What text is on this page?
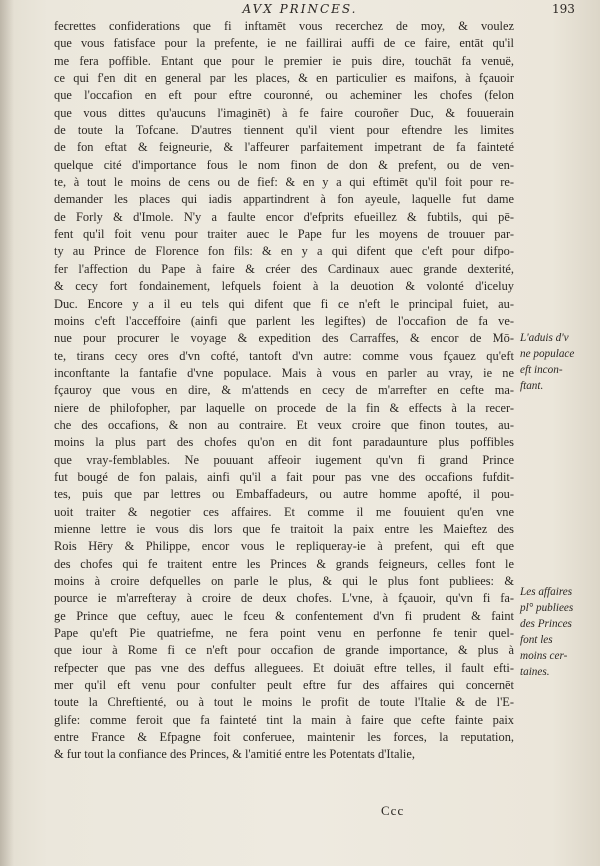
AVX PRINCES.	193
fecrettes confiderations que fi inftamēt vous recerchez de moy, & voulez
que vous fatisface pour la prefente, ie ne faillirai auffi de ce faire, entāt qu'il
me fera poffible. Entant que pour le premier ie puis dire, touchāt fa venuë,
ce qui f'en dit en general par les places, & en particulier es maifons, à fçauoir
que l'occafion en eft pour eftre couronné, ou acheminer les chofes (felon
que vous dittes qu'aucuns l'imaginēt) à fe faire couroñer Duc, & fouuerain
de toute la Tofcane. D'autres tiennent qu'il vient pour eftendre les limites
de fon eftat & feigneurie, & l'affeurer parfaitement impetrant de fa fainteté
quelque cité d'importance fous le nom finon de don & prefent, ou de ven-
te, à tout le moins de cens ou de fief: & en y a qui eftimēt qu'il foit pour re-
demander les places qui iadis appartindrent à fon ayeule, laquelle fut dame
de Forly & d'Imole. N'y a faulte encor d'efprits efueillez & fubtils, qui pē-
fent qu'il foit venu pour traiter auec le Pape fur les moyens de trouuer par-
ty au Prince de Florence fon fils: & en y a qui difent que c'eft pour difpo-
fer l'affection du Pape à faire & créer des Cardinaux auec grande dexterité,
& cecy fort fondainement, lefquels foient à la deuotion & volonté d'iceluy
Duc. Encore y a il eu tels qui difent que fi ce n'eft le principal fuiet, au-
moins c'eft l'acceffoire (ainfi que parlent les legiftes) de l'occafion de fa ve-
nue pour procurer le voyage & expedition des Carraffes, & encor de Mō-
te, tirans cecy ores d'vn cofté, tantoft d'vn autre: comme vous fçauez qu'eft
inconftante la fantafie d'vne populace. Mais à vous en parler au vray, ie ne
fçauroy que vous en dire, & m'attends en cecy de m'arrefter en cefte ma-
niere de philofopher, par laquelle on procede de la fin & effects à la recer-
che des occafions, & non au contraire. Et veux croire que finon toutes, au-
moins la plus part des chofes qu'on en dit font paradaunture plus poffibles
que vray-femblables. Ne pouuant affeoir iugement qu'vn fi grand Prince
fut bougé de fon palais, ainfi qu'il a fait pour pas vne des occafions fufdit-
tes, puis que par lettres ou Embaffadeurs, ou autre homme apofté, il pou-
uoit traiter & negotier ces affaires. Et comme il me fouuient qu'en vne
mienne lettre ie vous dis lors que fe traitoit la paix entre les Maieftez des
Rois Hēry & Philippe, encor vous le repliqueray-ie à prefent, qui eft que
des chofes qui fe traitent entre les Princes & grands feigneurs, celles font le
moins à croire defquelles on parle le plus, & qui le plus font publiees: &
pource ie m'arrefteray à croire de deux chofes. L'vne, à fçauoir, qu'vn fi fa-
ge Prince que ceftuy, auec le fceu & confentement d'vn fi prudent & faint
Pape qu'eft Pie quatriefme, ne fera point venu en perfonne fe tenir quel-
que iour à Rome fi ce n'eft pour occafion de grande importance, & plus à
refpecter que pas vne des deffus alleguees. Et doiuāt eftre telles, il fault efti-
mer qu'il eft venu pour confulter peult eftre fur des affaires qui concernēt
toute la Chreftienté, ou à tout le moins le profit de toute l'Italie & de l'E-
glife: comme feroit que fa fainteté tint la main à faire que cefte fainte paix
entre France & Efpagne foit conferuee, maintenir les forces, la reputation,
& fur tout la confiance des Princes, & l'amitié entre les Potentats d'Italie,
L'aduis d'v
ne populace
eft incon-
ftant.
Les affaires
pl° publiees
des Princes
font les
moins cer-
taines.
Ccc
